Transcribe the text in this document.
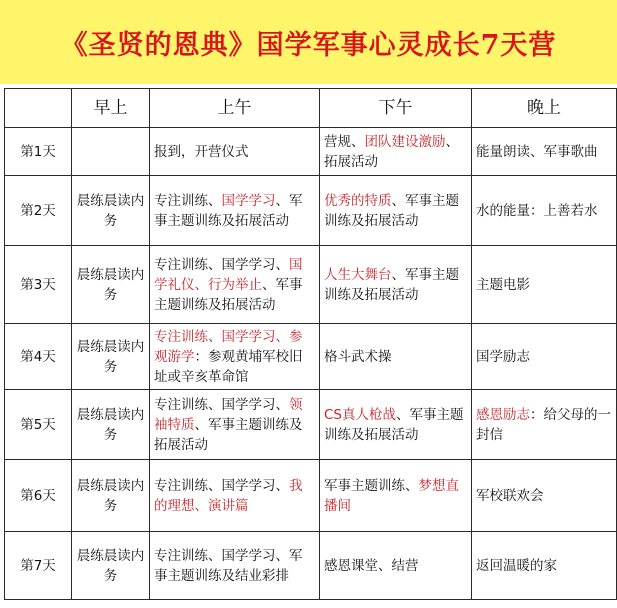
《圣贤的恩典》国学军事心灵成长7天营
	早上	上午	下午	晚上
第1天		报到，开营仪式	营规、团队建设激励、拓展活动	能量朗读、军事歌曲
第2天	晨练晨读内务	专注训练、国学学习、军事主题训练及拓展活动	优秀的特质、军事主题训练及拓展活动	水的能量：上善若水
第3天	晨练晨读内务	专注训练、国学学习、国学礼仪、行为举止、军事主题训练及拓展活动	人生大舞台、军事主题训练及拓展活动	主题电影
第4天	晨练晨读内务	专注训练、国学学习、参观游学：参观黄埔军校旧址或辛亥革命馆	格斗武术操	国学励志
第5天	晨练晨读内务	专注训练、国学学习、领袖特质、军事主题训练及拓展活动	CS真人枪战、军事主题训练及拓展活动	感恩励志：给父母的一封信
第6天	晨练晨读内务	专注训练、国学学习、我的理想、演讲篇	军事主题训练、梦想直播间	军校联欢会
第7天	晨练晨读内务	专注训练、国学学习、军事主题训练及结业彩排	感恩课堂、结营	返回温暖的家
